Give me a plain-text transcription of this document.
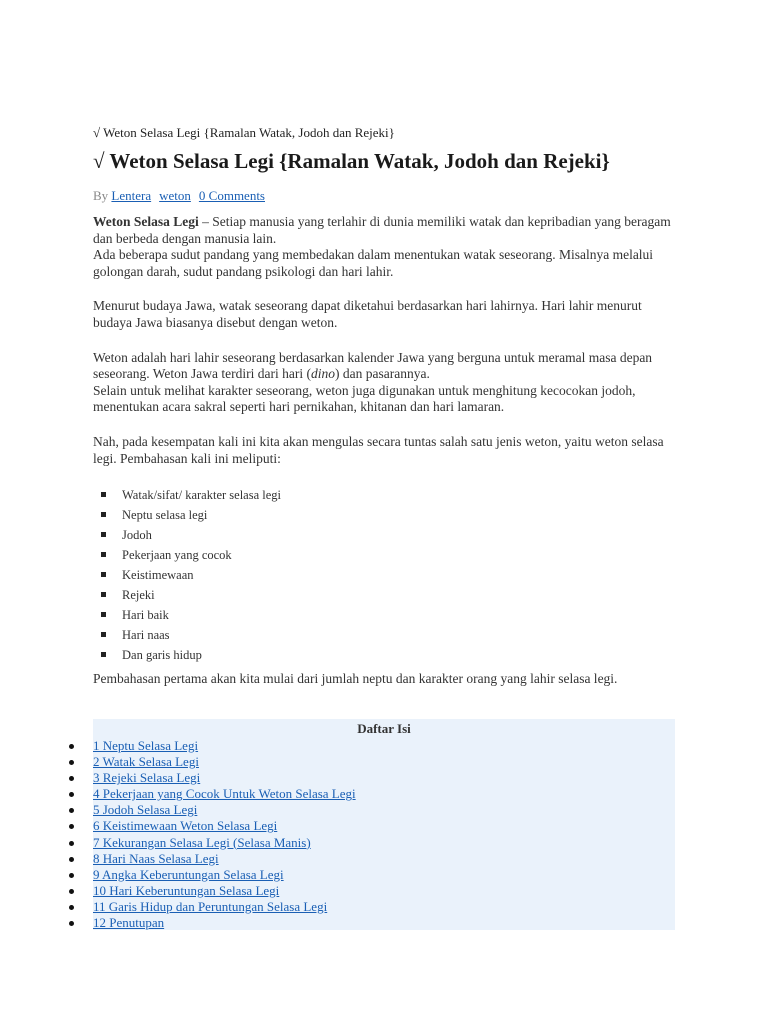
√ Weton Selasa Legi {Ramalan Watak, Jodoh dan Rejeki}
√ Weton Selasa Legi {Ramalan Watak, Jodoh dan Rejeki}
By Lentera weton 0 Comments

Weton Selasa Legi – Setiap manusia yang terlahir di dunia memiliki watak dan kepribadian yang beragam dan berbeda dengan manusia lain.

Ada beberapa sudut pandang yang membedakan dalam menentukan watak seseorang. Misalnya melalui golongan darah, sudut pandang psikologi dan hari lahir.

Menurut budaya Jawa, watak seseorang dapat diketahui berdasarkan hari lahirnya. Hari lahir menurut budaya Jawa biasanya disebut dengan weton.

Weton adalah hari lahir seseorang berdasarkan kalender Jawa yang berguna untuk meramal masa depan seseorang. Weton Jawa terdiri dari hari (dino) dan pasarannya.

Selain untuk melihat karakter seseorang, weton juga digunakan untuk menghitung kecocokan jodoh, menentukan acara sakral seperti hari pernikahan, khitanan dan hari lamaran.

Nah, pada kesempatan kali ini kita akan mengulas secara tuntas salah satu jenis weton, yaitu weton selasa legi. Pembahasan kali ini meliputi:

Watak/sifat/ karakter selasa legi
Neptu selasa legi
Jodoh
Pekerjaan yang cocok
Keistimewaan
Rejeki
Hari baik
Hari naas
Dan garis hidup

Pembahasan pertama akan kita mulai dari jumlah neptu dan karakter orang yang lahir selasa legi.

Daftar Isi
1 Neptu Selasa Legi
2 Watak Selasa Legi
3 Rejeki Selasa Legi
4 Pekerjaan yang Cocok Untuk Weton Selasa Legi
5 Jodoh Selasa Legi
6 Keistimewaan Weton Selasa Legi
7 Kekurangan Selasa Legi (Selasa Manis)
8 Hari Naas Selasa Legi
9 Angka Keberuntungan Selasa Legi
10 Hari Keberuntungan Selasa Legi
11 Garis Hidup dan Peruntungan Selasa Legi
12 Penutupan
